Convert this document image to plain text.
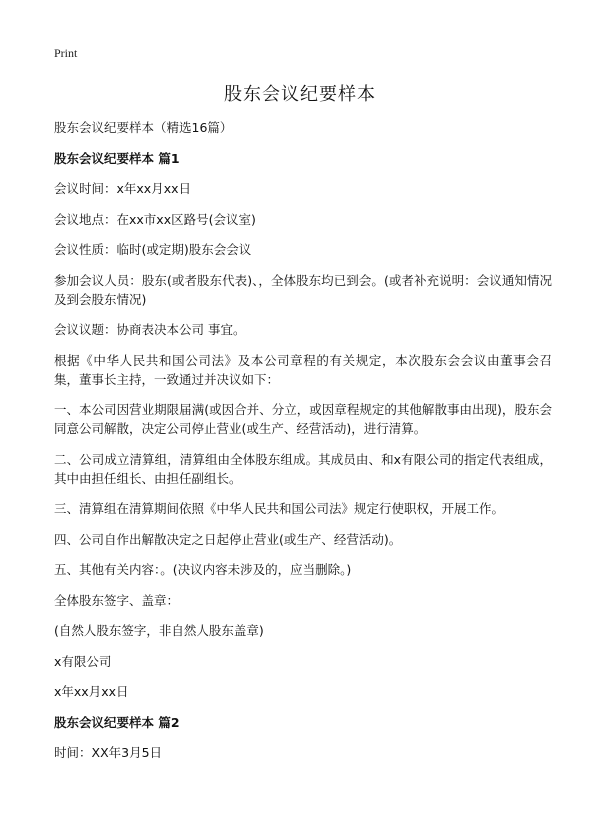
Print
股东会议纪要样本

股东会议纪要样本（精选16篇）

股东会议纪要样本 篇1

会议时间：x年xx月xx日

会议地点：在xx市xx区路号(会议室)

会议性质：临时(或定期)股东会会议

参加会议人员：股东(或者股东代表)、，全体股东均已到会。(或者补充说明：会议通知情况及到会股东情况)

会议议题：协商表决本公司 事宜。

根据《中华人民共和国公司法》及本公司章程的有关规定，本次股东会会议由董事会召集，董事长主持，一致通过并决议如下：

一、本公司因营业期限届满(或因合并、分立，或因章程规定的其他解散事由出现)，股东会同意公司解散，决定公司停止营业(或生产、经营活动)，进行清算。

二、公司成立清算组，清算组由全体股东组成。其成员由、和x有限公司的指定代表组成，其中由担任组长、由担任副组长。

三、清算组在清算期间依照《中华人民共和国公司法》规定行使职权，开展工作。

四、公司自作出解散决定之日起停止营业(或生产、经营活动)。

五、其他有关内容：。(决议内容未涉及的，应当删除。)

全体股东签字、盖章：

(自然人股东签字，非自然人股东盖章)

x有限公司

x年xx月xx日

股东会议纪要样本 篇2

时间：XX年3月5日
